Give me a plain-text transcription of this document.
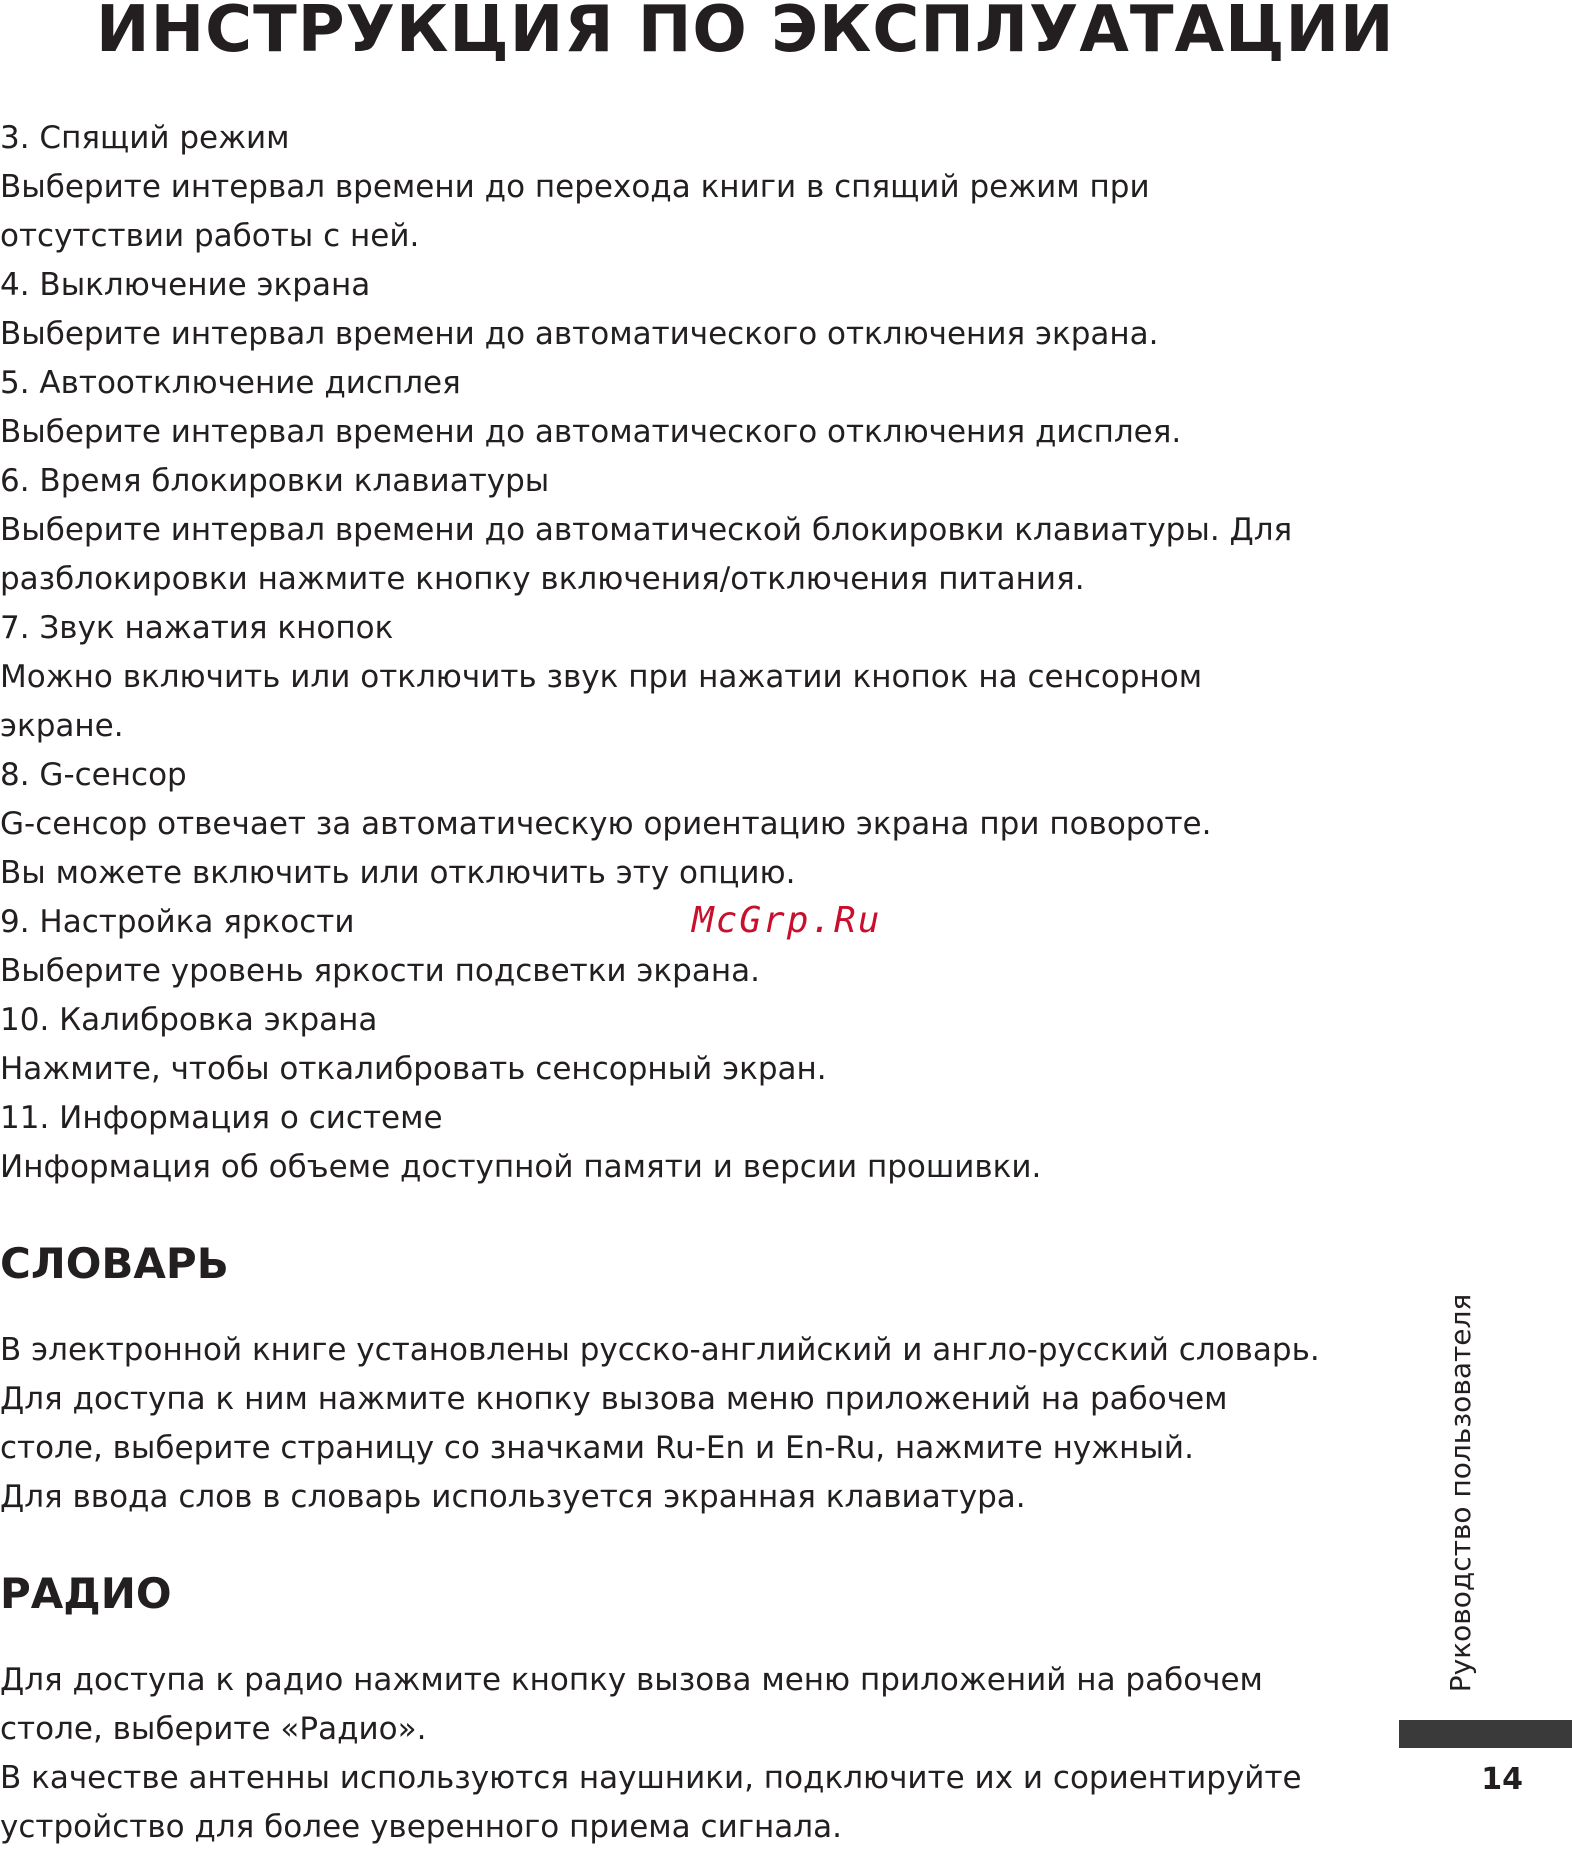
ИНСТРУКЦИЯ ПО ЭКСПЛУАТАЦИИ
3. Спящий режим
Выберите интервал времени до перехода книги в спящий режим при
отсутствии работы с ней.
4. Выключение экрана
Выберите интервал времени до автоматического отключения экрана.
5. Автоотключение дисплея
Выберите интервал времени до автоматического отключения дисплея.
6. Время блокировки клавиатуры
Выберите интервал времени до автоматической блокировки клавиатуры. Для
разблокировки нажмите кнопку включения/отключения питания.
7. Звук нажатия кнопок
Можно включить или отключить звук при нажатии кнопок на сенсорном
экране.
8. G-сенсор
G-сенсор отвечает за автоматическую ориентацию экрана при повороте.
Вы можете включить или отключить эту опцию.
9. Настройка яркости
Выберите уровень яркости подсветки экрана.
10. Калибровка экрана
Нажмите, чтобы откалибровать сенсорный экран.
11. Информация о системе
Информация об объеме доступной памяти и версии прошивки.
СЛОВАРЬ
В электронной книге установлены русско-английский и англо-русский словарь.
Для доступа к ним нажмите кнопку вызова меню приложений на рабочем
столе, выберите страницу со значками Ru-En и En-Ru, нажмите нужный.
Для ввода слов в словарь используется экранная клавиатура.
РАДИО
Для доступа к радио нажмите кнопку вызова меню приложений на рабочем
столе, выберите «Радио».
В качестве антенны используются наушники, подключите их и сориентируйте
устройство для более уверенного приема сигнала.
McGrp.Ru
Руководство пользователя
14
